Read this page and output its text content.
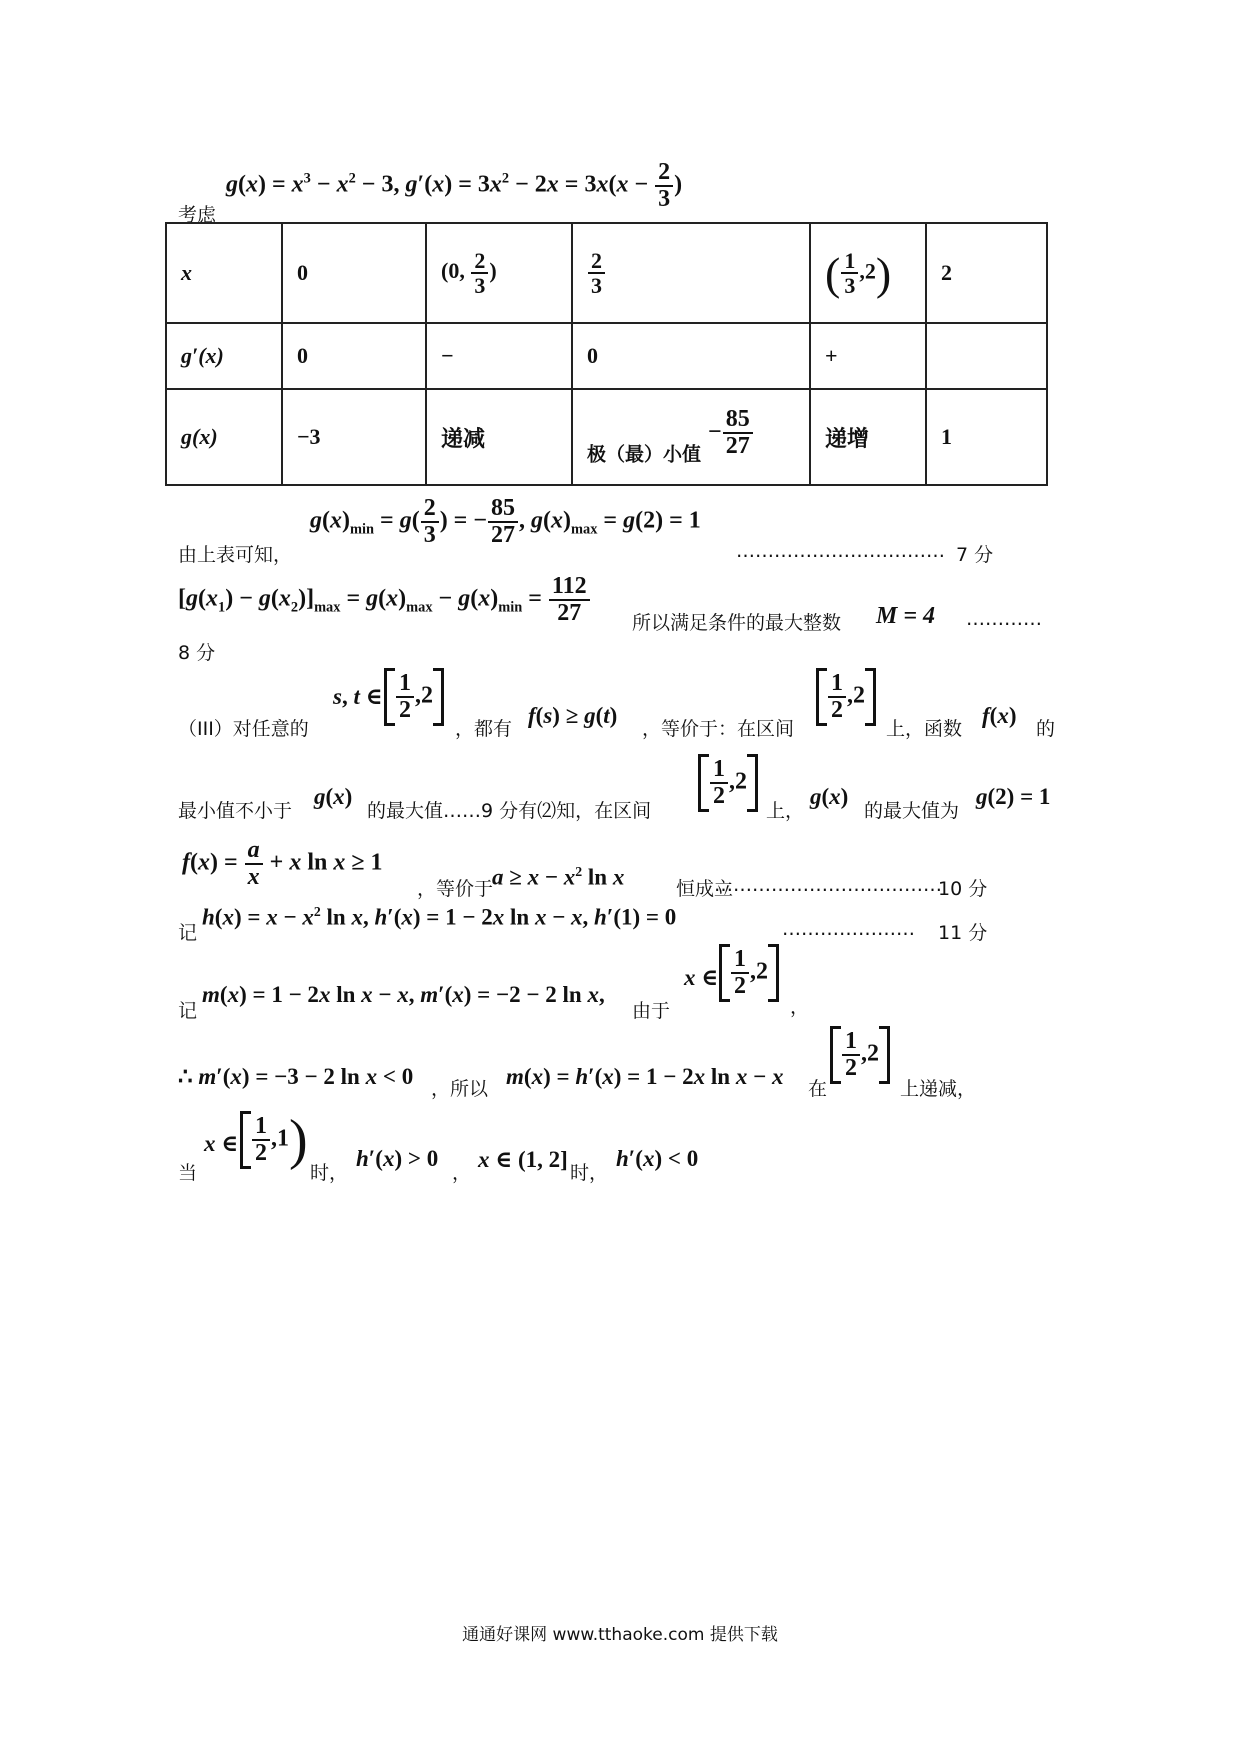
考虑
$g(x) = x^3 - x^2 - 3$, $g'(x) = 3x^2 - 2x = 3x(x - \frac{2}{3}$ )
x	0	(0, $\frac{2}{3}$ )	$\frac{2}{3}$	( $\frac{1}{3} ,2$)	2
g′(x)	0	−	0	+	
g(x)	−3	递减	极（最）小值 − $\frac{85}{27}$	递增	1
由上表可知，
$g(x)_{min} = g( \frac{2}{3}$ ) = − $\frac{85}{27}$ , $g(x)_{max} = g(2) = 1$
…………………………… 7 分
$[g(x_1) - g(x_2)]_{max} = g(x)_{max} - g(x)_{min} = \frac{112}{27}$ 所以满足条件的最大整数 M = 4 …………
8 分
s, t ∈
（III）对任意的
$\frac{1}{2} ,2$
，都有
f(s) ≥ g(t)
，等价于：在区间
$\frac{1}{2} ,2$
上，函数
f(x)
的
最小值不小于
g(x)
的最大值……9 分有⑵知，在区间
$\frac{1}{2} ,2$
上，
g(x)
的最大值为
g(2) = 1
$f(x) = \frac{a}{x} + x$ ln x ≥ 1
，等价于
$a \ge x - x^2$ ln x	恒成立
………………………………
10 分
记
$h(x) = x - x^2$ ln x, h′(x) = 1 − 2x ln x − x, h′(1) = 0	………………… 11 分
记
m(x) = 1 − 2x ln x − x, m′(x) = −2 − 2 ln x,
由于
x ∈ $\frac{1}{2} ,2$
，
∴ m′(x) = −3 − 2 ln x < 0 ，所以 m(x) = h′(x) = 1 − 2x ln x − x 在
$\frac{1}{2} ,2$
上递减，
当
x ∈ $\frac{1}{2} ,1$)
时，
h′(x) > 0
，
x ∈ (1, 2]
时，
h′(x) < 0
通通好课网 www.tthaoke.com 提供下载
